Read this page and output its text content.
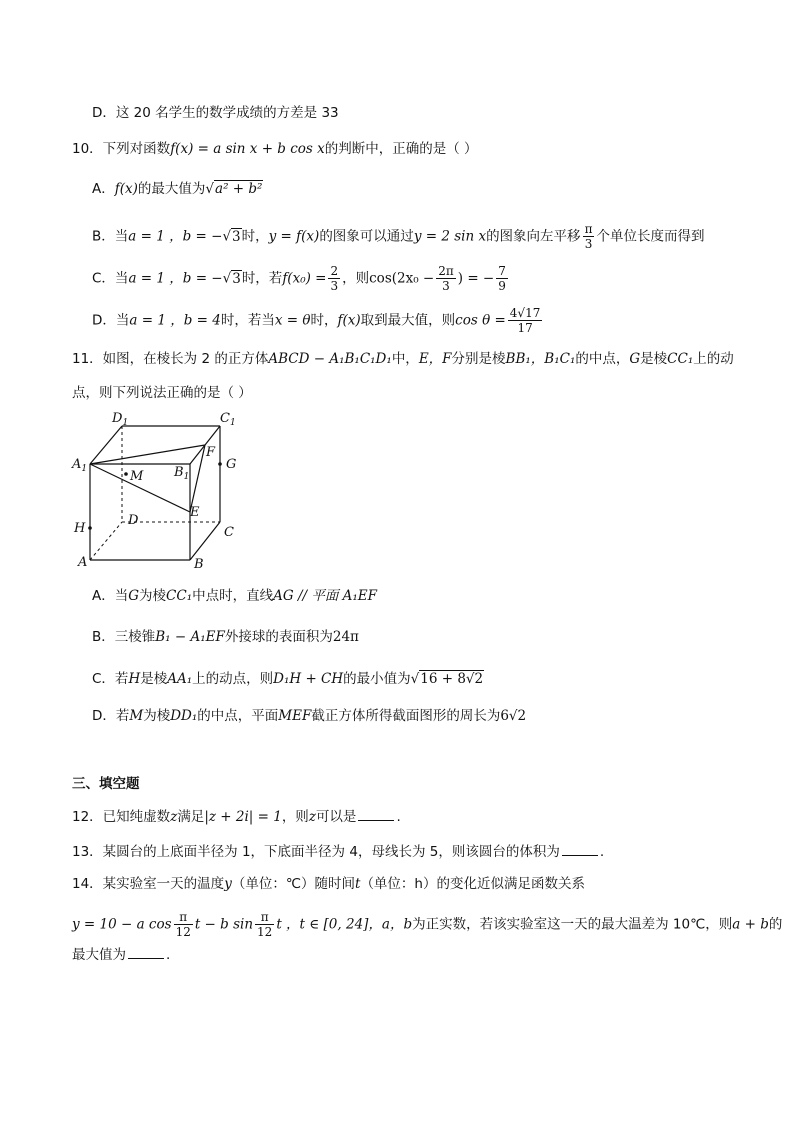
D．这 20 名学生的数学成绩的方差是 33
10．下列对函数f(x) = a sin x + b cos x的判断中，正确的是（ ）
A．f(x)的最大值为√a² + b²
B．当a = 1 ，b = −√3时，y = f(x)的图象可以通过y = 2 sin x的图象向左平移 $\frac{\pi}{3}$ 个单位长度而得到
C．当a = 1 ，b = −√3时，若$f(x_0) = \frac{2}{3}$ ，则$\cos(2x_0 - \frac{2\pi}{3}$ ) = − $\frac{7}{9}$
D．当a = 1 ，b = 4时，若当x = θ时，f(x)取到最大值，则$\cos \theta = \frac{4√17}{17}$
11．如图，在棱长为 2 的正方体ABCD − A₁B₁C₁D₁中，E，F分别是棱BB₁，B₁C₁的中点，G是棱CC₁上的动
点，则下列说法正确的是（ ）
$D_1$	$C_1$
$A_1$	$B_1$
M
F
G
E
D
C
H
A	B
A．当G为棱CC₁中点时，直线AG // 平面 A₁EF
B．三棱锥B₁ − A₁EF外接球的表面积为24π
C．若H是棱AA₁上的动点，则D₁H + CH的最小值为√16 + 8√2
D．若M为棱DD₁的中点，平面MEF截正方体所得截面图形的周长为6√2
三、填空题
12．已知纯虚数z满足|z + 2i| = 1，则z可以是	.
13．某圆台的上底面半径为 1，下底面半径为 4，母线长为 5，则该圆台的体积为	.
14．某实验室一天的温度y（单位：℃）随时间t（单位：h）的变化近似满足函数关系
y = 10 − a $\cos \frac{\pi}{12}$ t − b $\sin \frac{\pi}{12}$ t ，t ∈ [0, 24]，a，b为正实数，若该实验室这一天的最大温差为 10℃，则a + b的
最大值为	.
